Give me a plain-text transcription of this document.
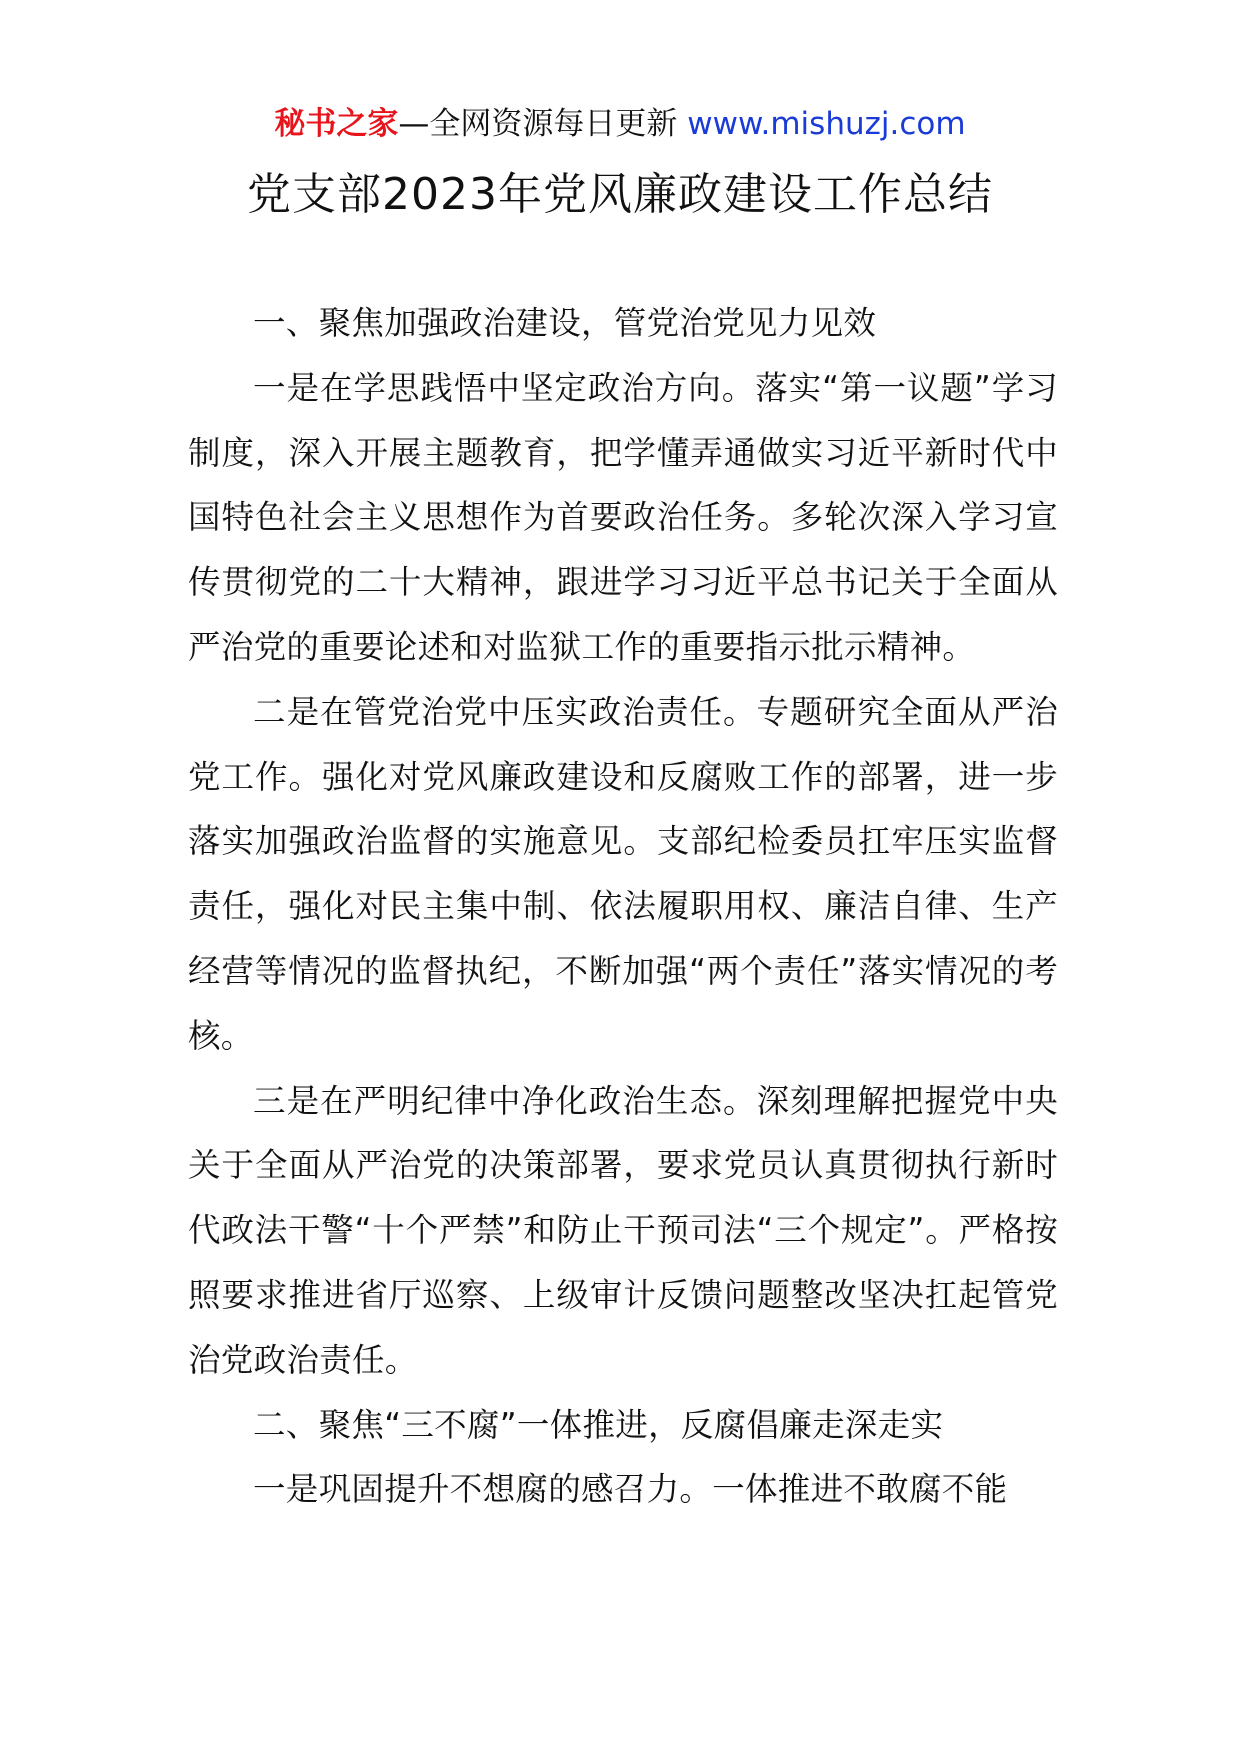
秘书之家—全网资源每日更新 www.mishuzj.com
党支部2023年党风廉政建设工作总结

一、聚焦加强政治建设，管党治党见力见效

一是在学思践悟中坚定政治方向。落实“第一议题”学习制度，深入开展主题教育，把学懂弄通做实习近平新时代中国特色社会主义思想作为首要政治任务。多轮次深入学习宣传贯彻党的二十大精神，跟进学习习近平总书记关于全面从严治党的重要论述和对监狱工作的重要指示批示精神。

二是在管党治党中压实政治责任。专题研究全面从严治党工作。强化对党风廉政建设和反腐败工作的部署，进一步落实加强政治监督的实施意见。支部纪检委员扛牢压实监督责任，强化对民主集中制、依法履职用权、廉洁自律、生产经营等情况的监督执纪，不断加强“两个责任”落实情况的考核。

三是在严明纪律中净化政治生态。深刻理解把握党中央关于全面从严治党的决策部署，要求党员认真贯彻执行新时代政法干警“十个严禁”和防止干预司法“三个规定”。严格按照要求推进省厅巡察、上级审计反馈问题整改坚决扛起管党治党政治责任。

二、聚焦“三不腐”一体推进，反腐倡廉走深走实

一是巩固提升不想腐的感召力。一体推进不敢腐不能
